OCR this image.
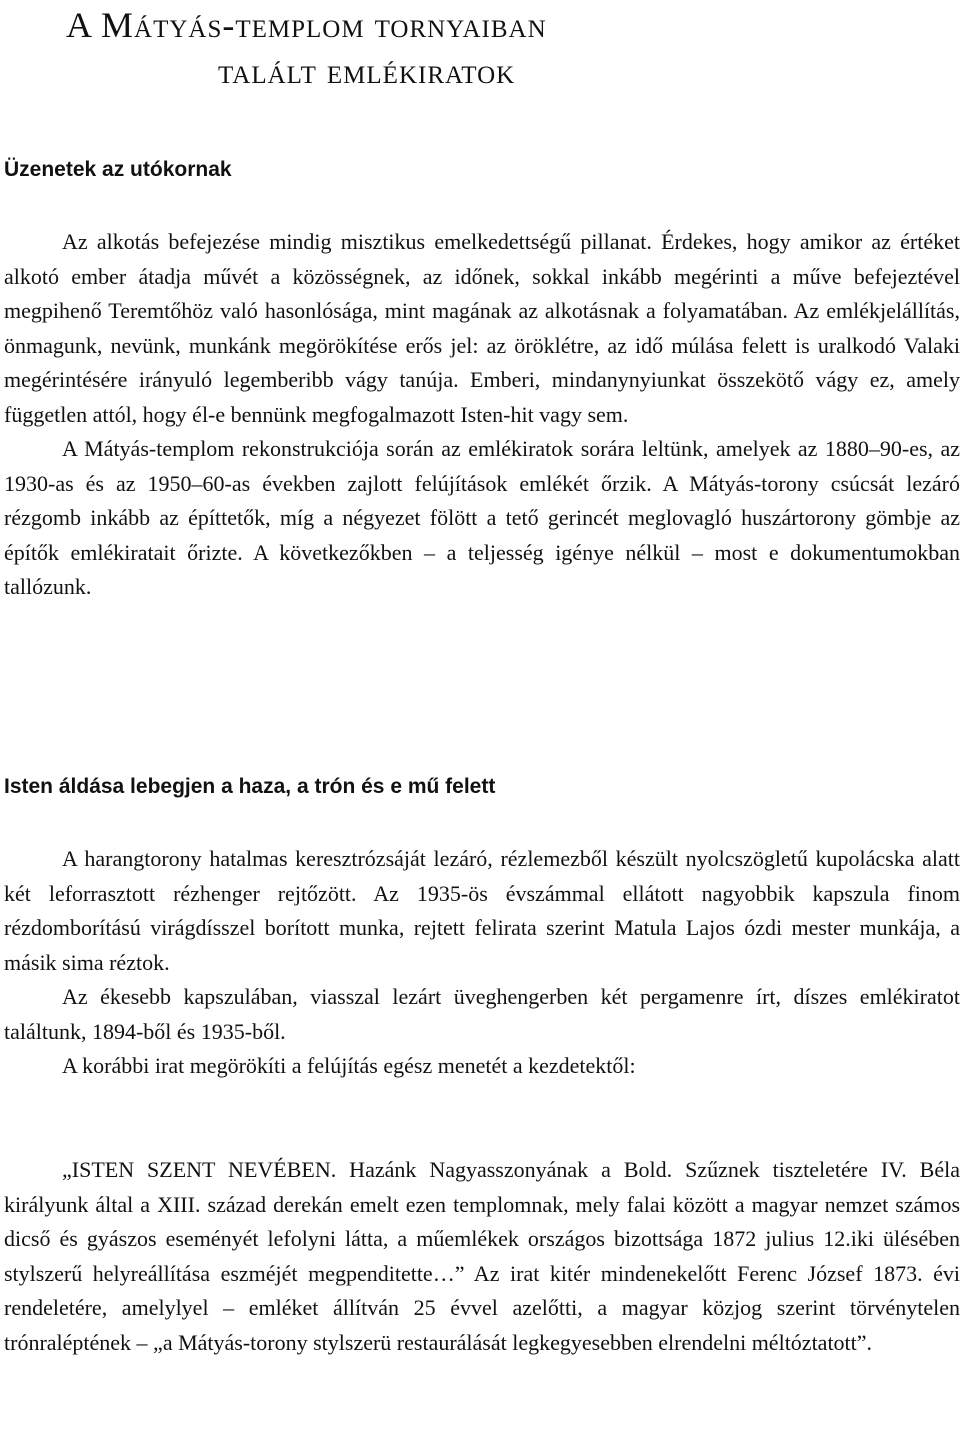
A Mátyás-templom tornyaiban
talált emlékiratok
Üzenetek az utókornak

Az alkotás befejezése mindig misztikus emelkedettségű pillanat. Érdekes, hogy amikor az értéket alkotó ember átadja művét a közösségnek, az időnek, sokkal inkább megérinti a műve befejeztével megpihenő Teremtőhöz való hasonlósága, mint magának az alkotásnak a folyamatában. Az emlékjelállítás, önmagunk, nevünk, munkánk megörökítése erős jel: az öröklétre, az idő múlása felett is uralkodó Valaki megérintésére irányuló legemberibb vágy tanúja. Emberi, mindanynyiunkat összekötő vágy ez, amely független attól, hogy él-e bennünk megfogalmazott Isten-hit vagy sem.

A Mátyás-templom rekonstrukciója során az emlékiratok sorára leltünk, amelyek az 1880–90-es, az 1930-as és az 1950–60-as években zajlott felújítások emlékét őrzik. A Mátyás-torony csúcsát lezáró rézgomb inkább az építtetők, míg a négyezet fölött a tető gerincét meglovagló huszártorony gömbje az építők emlékiratait őrizte. A következőkben – a teljesség igénye nélkül – most e dokumentumokban tallózunk.

Isten áldása lebegjen a haza, a trón és e mű felett

A harangtorony hatalmas keresztrózsáját lezáró, rézlemezből készült nyolcszögletű kupolácska alatt két leforrasztott rézhenger rejtőzött. Az 1935-ös évszámmal ellátott nagyobbik kapszula finom rézdomborítású virágdísszel borított munka, rejtett felirata szerint Matula Lajos ózdi mester munkája, a másik sima réztok.

Az ékesebb kapszulában, viasszal lezárt üveghengerben két pergamenre írt, díszes emlékiratot találtunk, 1894-ből és 1935-ből.

A korábbi irat megörökíti a felújítás egész menetét a kezdetektől:

„ISTEN SZENT NEVÉBEN. Hazánk Nagyasszonyának a Bold. Szűznek tiszteletére IV. Béla királyunk által a XIII. század derekán emelt ezen templomnak, mely falai között a magyar nemzet számos dicső és gyászos eseményét lefolyni látta, a műemlékek országos bizottsága 1872 julius 12.iki ülésében stylszerű helyreállítása eszméjét megpenditette…” Az irat kitér mindenekelőtt Ferenc József 1873. évi rendeletére, amelylyel – emléket állítván 25 évvel azelőtti, a magyar közjog szerint törvénytelen trónraléptének – „a Mátyás-torony stylszerü restaurálását legkegyesebben elrendelni méltóztatott”.
